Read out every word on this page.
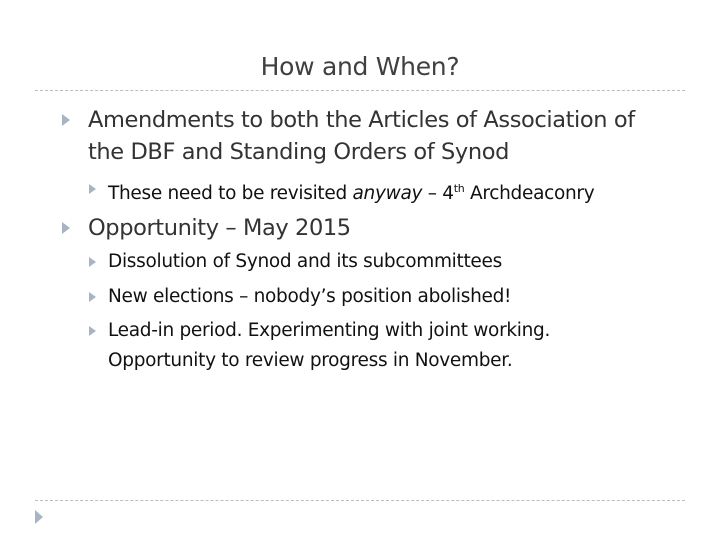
How and When?
Amendments to both the Articles of Association of
the DBF and Standing Orders of Synod
These need to be revisited anyway – 4th Archdeaconry
Opportunity – May 2015
Dissolution of Synod and its subcommittees
New elections – nobody’s position abolished!
Lead-in period. Experimenting with joint working.
Opportunity to review progress in November.
